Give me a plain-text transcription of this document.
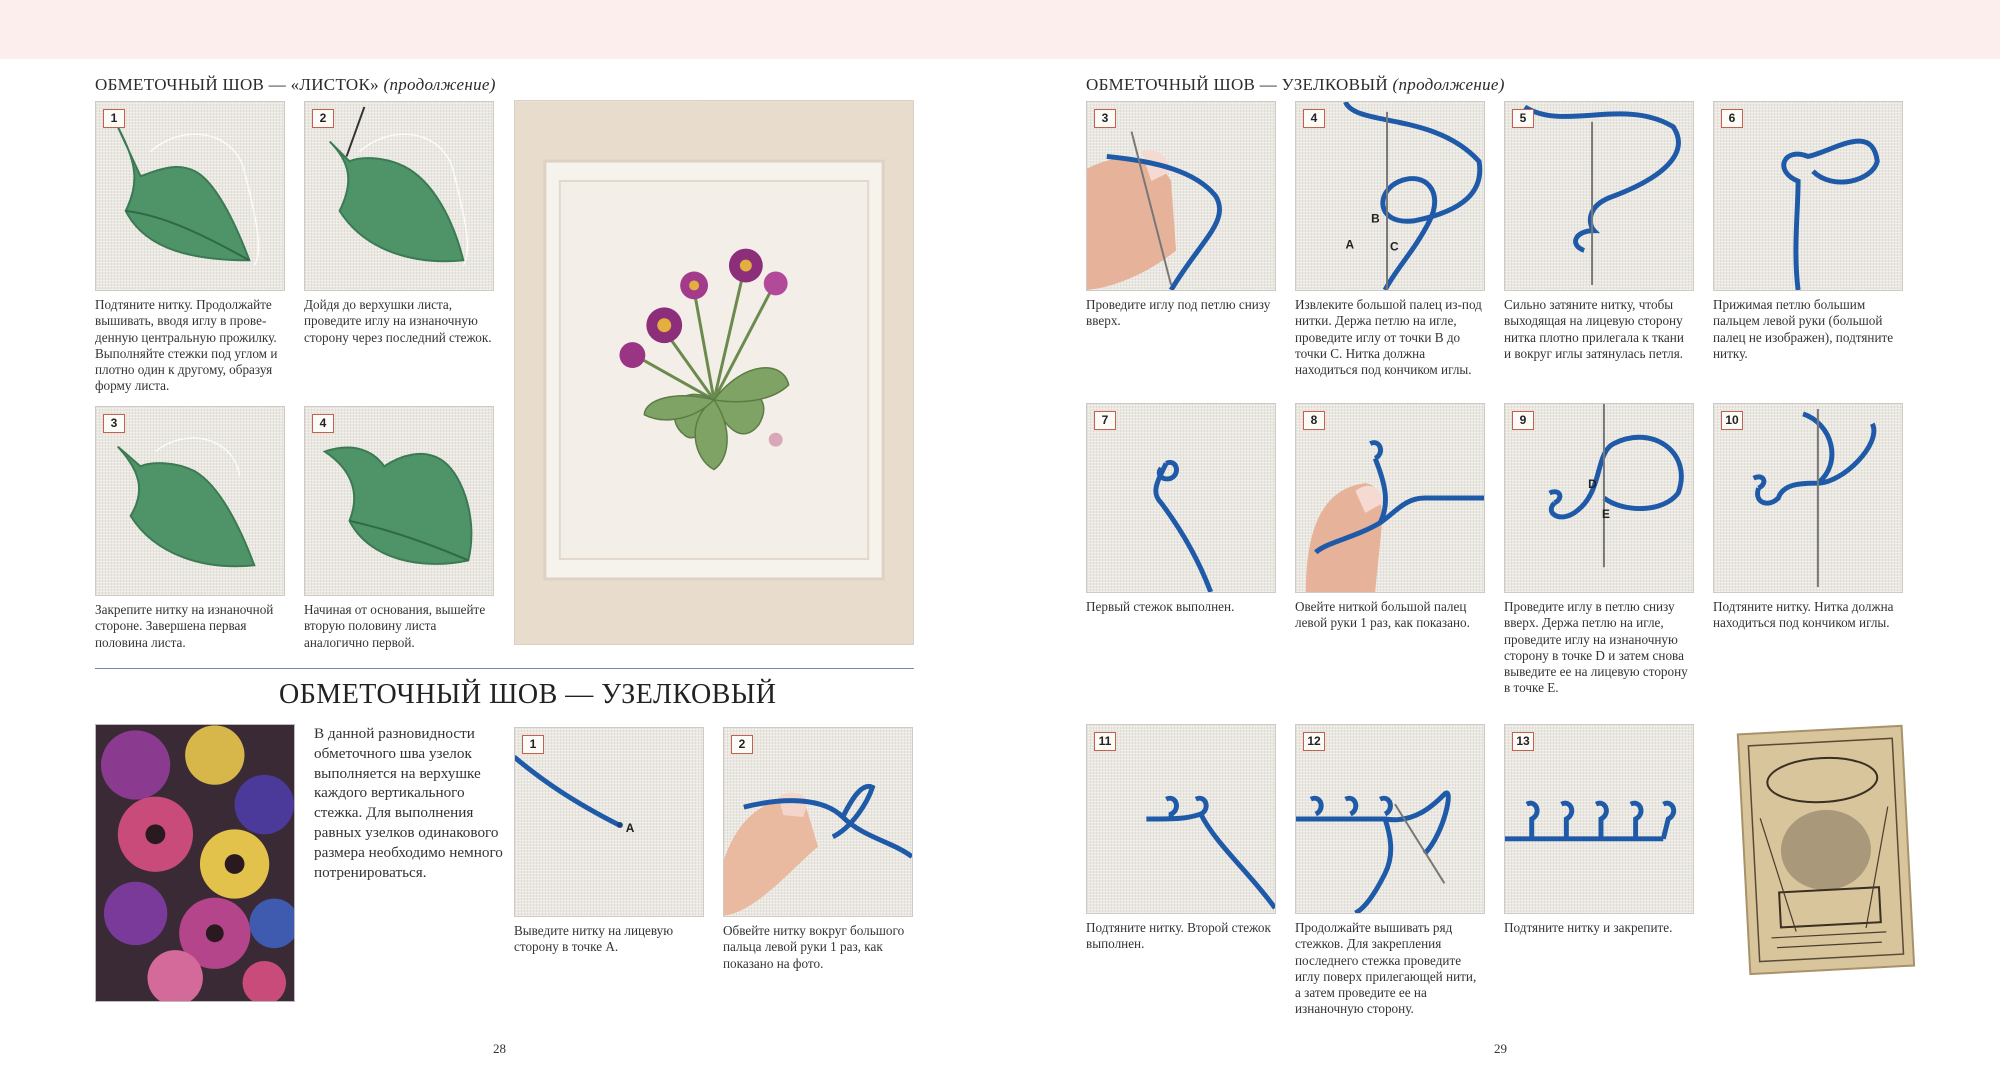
ОБМЕТОЧНЫЙ ШОВ — «ЛИСТОК» (продолжение)
1
Подтяните нитку. Продолжайте вышивать, вводя иглу в проведенную центральную прожилку. Выполняйте стежки под углом и плотно один к другому, образуя форму листа.
2
Дойдя до верхушки листа, проведите иглу на изнаночную сторону через последний стежок.
3
Закрепите нитку на изнаночной стороне. Завершена первая половина листа.
4
Начиная от основания, вышейте вторую половину листа аналогично первой.
ОБМЕТОЧНЫЙ ШОВ — УЗЕЛКОВЫЙ
В данной разновидности обметочного шва узелок выполняется на верхушке каждого вертикального стежка. Для выполнения равных узелков одинакового размера необходимо немного потренироваться.
1
A
Выведите нитку на лицевую сторону в точке А.
2
Обвейте нитку вокруг большого пальца левой руки 1 раз, как показано на фото.
28
ОБМЕТОЧНЫЙ ШОВ — УЗЕЛКОВЫЙ (продолжение)
3
Проведите иглу под петлю снизу вверх.
4
B
A	C
Извлеките большой палец из-под нитки. Держа петлю на игле, проведите иглу от точки В до точки С. Нитка должна находиться под кончиком иглы.
5
Сильно затяните нитку, чтобы выходящая на лицевую сторону нитка плотно прилегала к ткани и вокруг иглы затянулась петля.
6
Прижимая петлю большим пальцем левой руки (большой палец не изображен), подтяните нитку.
7
Первый стежок выполнен.
8
Овейте ниткой большой палец левой руки 1 раз, как показано.
9
D
E
Проведите иглу в петлю снизу вверх. Держа петлю на игле, проведите иглу на изнаночную сторону в точке D и затем снова выведите ее на лицевую сторону в точке Е.
10
Подтяните нитку. Нитка должна находиться под кончиком иглы.
11
Подтяните нитку. Второй стежок выполнен.
12
Продолжайте вышивать ряд стежков. Для закрепления последнего стежка проведите иглу поверх прилегающей нити, а затем проведите ее на изнаночную сторону.
13
Подтяните нитку и закрепите.
29
